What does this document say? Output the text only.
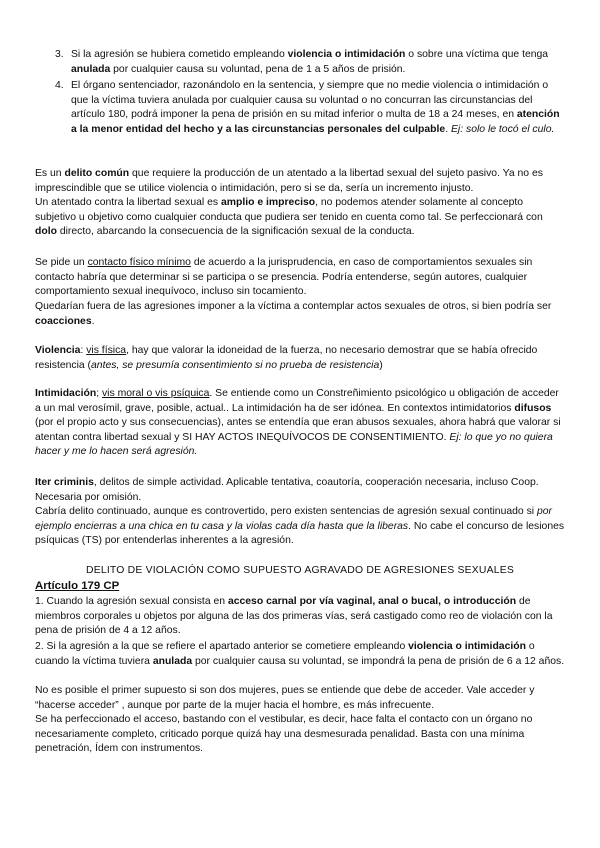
3. Si la agresión se hubiera cometido empleando violencia o intimidación o sobre una víctima que tenga anulada por cualquier causa su voluntad, pena de 1 a 5 años de prisión.
4. El órgano sentenciador, razonándolo en la sentencia, y siempre que no medie violencia o intimidación o que la víctima tuviera anulada por cualquier causa su voluntad o no concurran las circunstancias del artículo 180, podrá imponer la pena de prisión en su mitad inferior o multa de 18 a 24 meses, en atención a la menor entidad del hecho y a las circunstancias personales del culpable. Ej: solo le tocó el culo.

Es un delito común que requiere la producción de un atentado a la libertad sexual del sujeto pasivo. Ya no es imprescindible que se utilice violencia o intimidación, pero si se da, sería un incremento injusto.

Un atentado contra la libertad sexual es amplio e impreciso, no podemos atender solamente al concepto subjetivo u objetivo como cualquier conducta que pudiera ser tenido en cuenta como tal. Se perfeccionará con dolo directo, abarcando la consecuencia de la significación sexual de la conducta.

Se pide un contacto físico mínimo de acuerdo a la jurisprudencia, en caso de comportamientos sexuales sin contacto habría que determinar si se participa o se presencia. Podría entenderse, según autores, cualquier comportamiento sexual inequívoco, incluso sin tocamiento.

Quedarían fuera de las agresiones imponer a la víctima a contemplar actos sexuales de otros, si bien podría ser coacciones.

Violencia: vis física, hay que valorar la idoneidad de la fuerza, no necesario demostrar que se había ofrecido resistencia (antes, se presumía consentimiento si no prueba de resistencia)

Intimidación; vis moral o vis psíquica. Se entiende como un Constreñimiento psicológico u obligación de acceder a un mal verosímil, grave, posible, actual.. La intimidación ha de ser idónea. En contextos intimidatorios difusos (por el propio acto y sus consecuencias), antes se entendía que eran abusos sexuales, ahora habrá que valorar si atentan contra libertad sexual y SI HAY ACTOS INEQUÍVOCOS DE CONSENTIMIENTO. Ej: lo que yo no quiera hacer y me lo hacen será agresión.

Iter criminis, delitos de simple actividad. Aplicable tentativa, coautoría, cooperación necesaria, incluso Coop. Necesaria por omisión.

Cabría delito continuado, aunque es controvertido, pero existen sentencias de agresión sexual continuado si por ejemplo encierras a una chica en tu casa y la violas cada día hasta que la liberas. No cabe el concurso de lesiones psíquicas (TS) por entenderlas inherentes a la agresión.

DELITO DE VIOLACIÓN COMO SUPUESTO AGRAVADO DE AGRESIONES SEXUALES
Artículo 179 CP

1. Cuando la agresión sexual consista en acceso carnal por vía vaginal, anal o bucal, o introducción de miembros corporales u objetos por alguna de las dos primeras vías, será castigado como reo de violación con la pena de prisión de 4 a 12 años.

2. Si la agresión a la que se refiere el apartado anterior se cometiere empleando violencia o intimidación o cuando la víctima tuviera anulada por cualquier causa su voluntad, se impondrá la pena de prisión de 6 a 12 años.

No es posible el primer supuesto si son dos mujeres, pues se entiende que debe de acceder. Vale acceder y “hacerse acceder” , aunque por parte de la mujer hacia el hombre, es más infrecuente.

Se ha perfeccionado el acceso, bastando con el vestibular, es decir, hace falta el contacto con un órgano no necesariamente completo, criticado porque quizá hay una desmesurada penalidad. Basta con una mínima penetración, Ídem con instrumentos.
